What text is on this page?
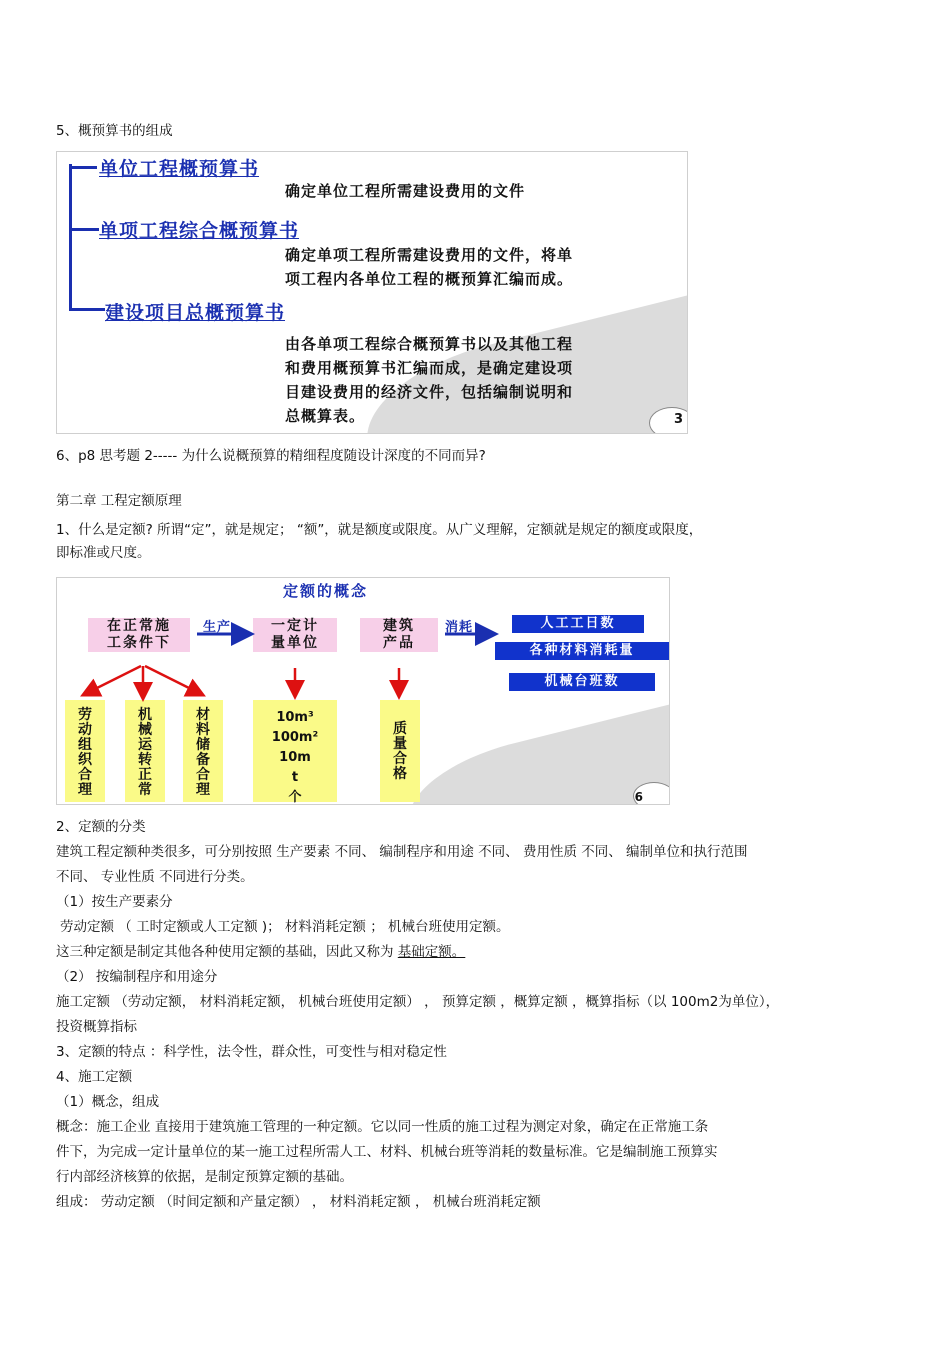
5、概预算书的组成
单位工程概预算书
确定单位工程所需建设费用的文件
单项工程综合概预算书
确定单项工程所需建设费用的文件，将单
项工程内各单位工程的概预算汇编而成。
建设项目总概预算书
由各单项工程综合概预算书以及其他工程
和费用概预算书汇编而成，是确定建设项
目建设费用的经济文件，包括编制说明和
总概算表。	3
6、p8 思考题 2----- 为什么说概预算的精细程度随设计深度的不同而异?
第二章 工程定额原理
1、什么是定额? 所谓“定”，就是规定； “额”，就是额度或限度。从广义理解，定额就是规定的额度或限度，
即标准或尺度。
定额的概念
在正常施
工条件下
生产	一定计
量单位
建筑
产品
消耗	人工工日数
各种材料消耗量
机械台班数
劳
动
组
织
合
理
机
械
运
转
正
常
材
料
储
备
合
理
10m³
100m²
10m
t
个
质
量
合
格
6
2、定额的分类
建筑工程定额种类很多，可分别按照 生产要素 不同、 编制程序和用途 不同、 费用性质 不同、 编制单位和执行范围
不同、 专业性质 不同进行分类。
（1）按生产要素分
劳动定额 （ 工时定额或人工定额 )； 材料消耗定额 ； 机械台班使用定额。
这三种定额是制定其他各种使用定额的基础，因此又称为 基础定额。
（2） 按编制程序和用途分
施工定额 （劳动定额， 材料消耗定额， 机械台班使用定额） ， 预算定额 ，概算定额 ，概算指标（以 100m2为单位），
投资概算指标
3、定额的特点 ：科学性，法令性，群众性，可变性与相对稳定性
4、施工定额
（1）概念，组成
概念：施工企业 直接用于建筑施工管理的一种定额。它以同一性质的施工过程为测定对象，确定在正常施工条
件下，为完成一定计量单位的某一施工过程所需人工、材料、机械台班等消耗的数量标准。它是编制施工预算实
行内部经济核算的依据，是制定预算定额的基础。
组成： 劳动定额 （时间定额和产量定额） ， 材料消耗定额 ， 机械台班消耗定额
